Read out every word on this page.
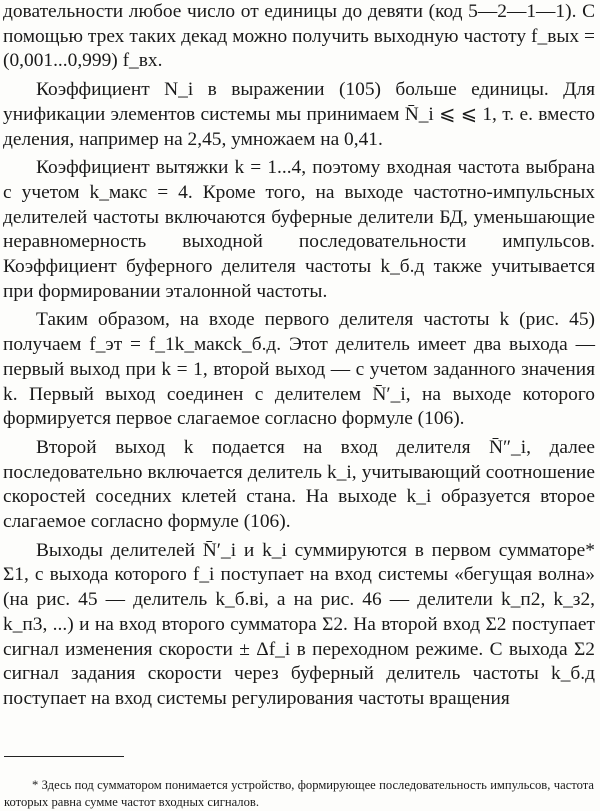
довательности любое число от единицы до девяти (код 5—2—1—1). С помощью трех таких декад можно получить выходную частоту f_вых = (0,001...0,999) f_вх.

Коэффициент N_i в выражении (105) больше единицы. Для унификации элементов системы мы принимаем N̄_i ⩽ ⩽ 1, т. е. вместо деления, например на 2,45, умножаем на 0,41.

Коэффициент вытяжки k = 1...4, поэтому входная частота выбрана с учетом k_макс = 4. Кроме того, на выходе частотно-импульсных делителей частоты включаются буферные делители БД, уменьшающие неравномерность выходной последовательности импульсов. Коэффициент буферного делителя частоты k_б.д также учитывается при формировании эталонной частоты.

Таким образом, на входе первого делителя частоты k (рис. 45) получаем f_эт = f_1k_максk_б.д. Этот делитель имеет два выхода — первый выход при k = 1, второй выход — с учетом заданного значения k. Первый выход соединен с делителем N̄′_i, на выходе которого формируется первое слагаемое согласно формуле (106).

Второй выход k подается на вход делителя N̄″_i, далее последовательно включается делитель k_i, учитывающий соотношение скоростей соседних клетей стана. На выходе k_i образуется второе слагаемое согласно формуле (106).

Выходы делителей N̄′_i и k_i суммируются в первом сумматоре* Σ1, с выхода которого f_i поступает на вход системы «бегущая волна» (на рис. 45 — делитель k_б.вi, а на рис. 46 — делители k_п2, k_з2, k_п3, ...) и на вход второго сумматора Σ2. На второй вход Σ2 поступает сигнал изменения скорости ± Δf_i в переходном режиме. С выхода Σ2 сигнал задания скорости через буферный делитель частоты k_б.д поступает на вход системы регулирования частоты вращения

* Здесь под сумматором понимается устройство, формирующее последовательность импульсов, частота которых равна сумме частот входных сигналов.
